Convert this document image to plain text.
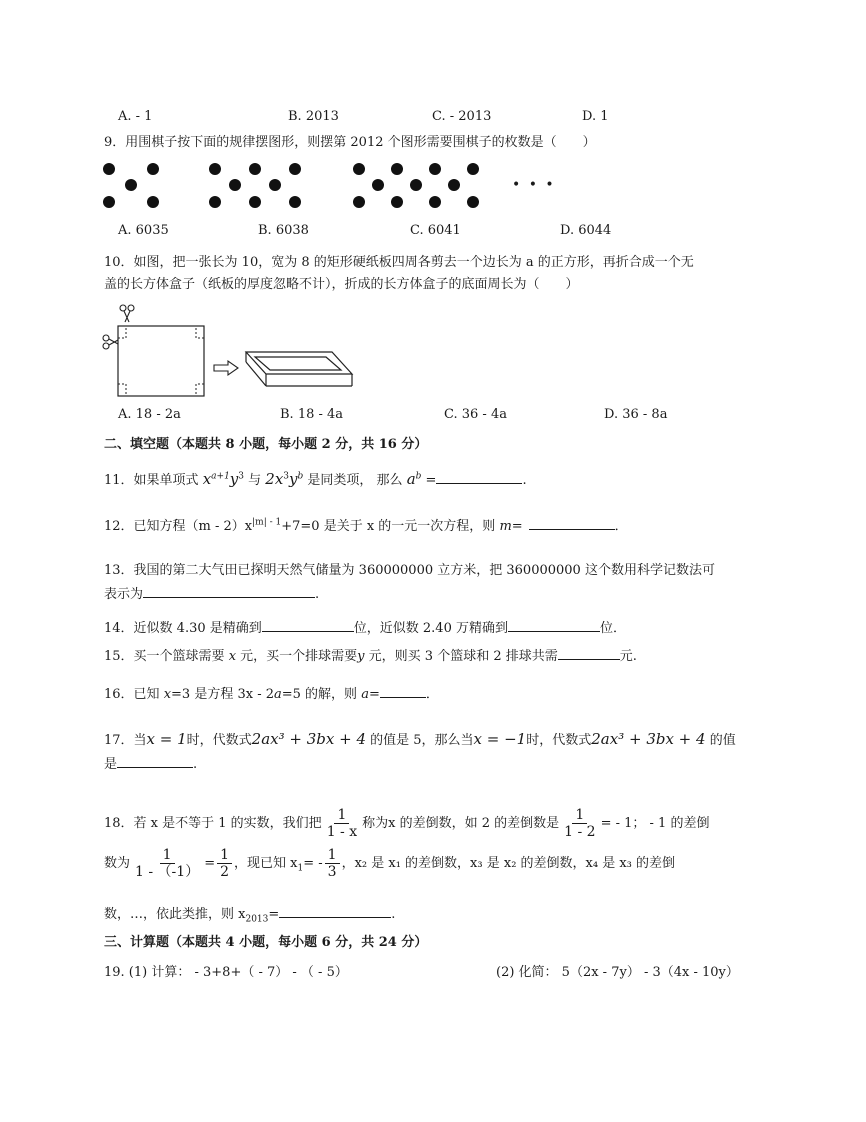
A. - 1	B. 2013	C. - 2013	D. 1
9．用围棋子按下面的规律摆图形，则摆第 2012 个图形需要围棋子的枚数是（　　）
• • •
A. 6035	B. 6038	C. 6041	D. 6044
10．如图，把一张长为 10，宽为 8 的矩形硬纸板四周各剪去一个边长为 a 的正方形，再折合成一个无
盖的长方体盒子（纸板的厚度忽略不计），折成的长方体盒子的底面周长为（　　）
A. 18 - 2a	B. 18 - 4a	C. 36 - 4a	D. 36 - 8a
二、填空题（本题共 8 小题，每小题 2 分，共 16 分）
11．如果单项式 $x^{a+1}y^3$ 与 $2x^3y^b$ 是同类项， 那么 $a^b$ =	.
12．已知方程$(m - 2)x^{|m| - 1}+7=0$ 是关于 x 的一元一次方程，则 m=	．
13．我国的第二大气田已探明天然气储量为 360000000 立方米，把 360000000 这个数用科学记数法可
表示为	.
14．近似数 4.30 是精确到	位，近似数 2.40 万精确到	位．
15．买一个篮球需要 x 元，买一个排球需要y 元，则买 3 个篮球和 2 排球共需	元.
16．已知 x=3 是方程 3x - 2a=5 的解，则 a=	．
17．当x = 1时，代数式2ax³ + 3bx + 4 的值是 5，那么当x = −1时，代数式2ax³ + 3bx + 4 的值
是	.
18．若 x 是不等于 1 的实数，我们把 $\frac{1}{1 - x}$ 称为x 的差倒数，如 2 的差倒数是 $\frac{1}{1 - 2}$ = - 1； - 1 的差倒
数为 $\frac{1}{1 - (-1)} = \frac{1}{2}$ ，现已知 $x_1= - \frac{1}{3}$ ，x₂ 是 x₁ 的差倒数，x₃ 是 x₂ 的差倒数，x₄ 是 x₃ 的差倒
数，…，依此类推，则 $x_{2013}=$	.
三、计算题（本题共 4 小题，每小题 6 分，共 24 分）
19. (1) 计算： - 3+8+（ - 7） - （ - 5）	(2) 化简： 5（2x - 7y） - 3（4x - 10y）
